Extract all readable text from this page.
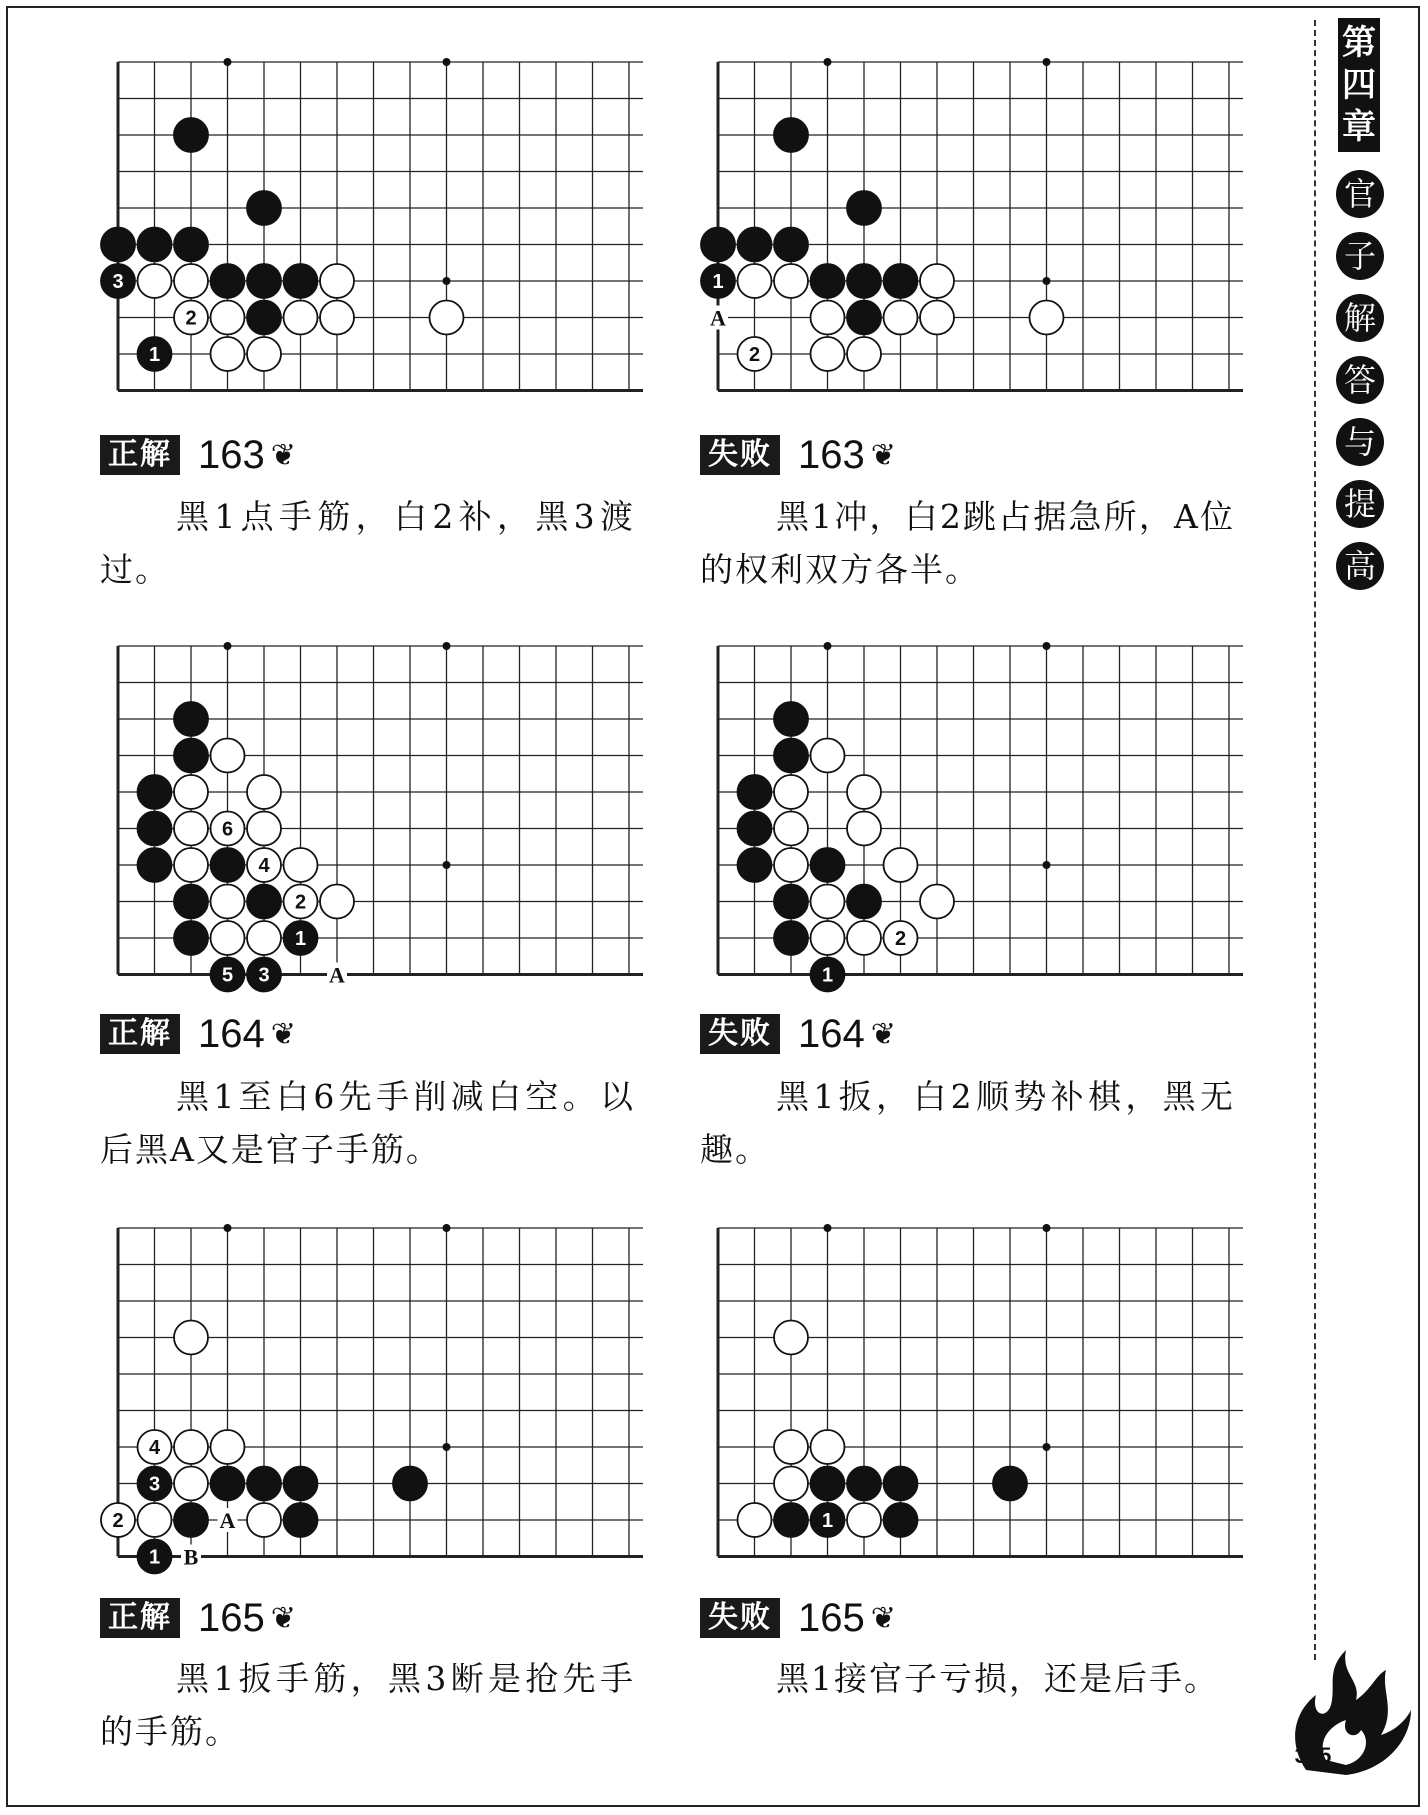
3
2
1
正解 163 ❦
黑1点手筋，白2补，黑3渡过。
1
2
A
失败 163 ❦
黑1冲，白2跳占据急所，A位的权利双方各半。
6
4
2
1
5 3	A
正解 164 ❦
黑1至白6先手削减白空。以后黑A又是官子手筋。
2
1
失败 164 ❦
黑1扳，白2顺势补棋，黑无趣。
4
3
2
1
A
B
正解 165 ❦
黑1扳手筋，黑3断是抢先手的手筋。
1
失败 165 ❦
黑1接官子亏损，还是后手。
第
四
章
官
子
解
答
与
提
高
345
